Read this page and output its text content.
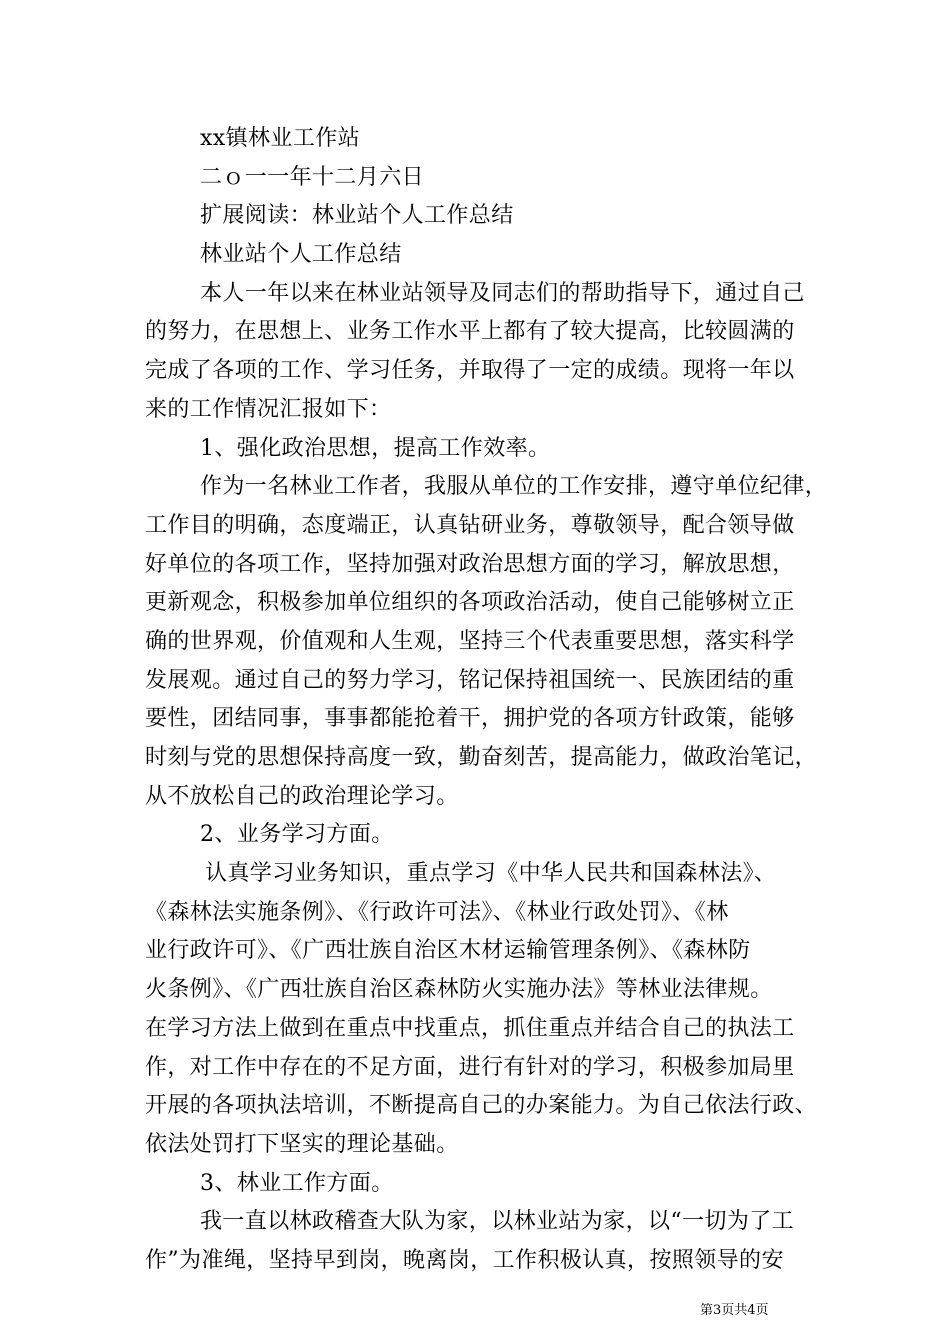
xx镇林业工作站
二ｏ一一年十二月六日
扩展阅读：林业站个人工作总结
林业站个人工作总结
本人一年以来在林业站领导及同志们的帮助指导下，通过自己
的努力，在思想上、业务工作水平上都有了较大提高，比较圆满的
完成了各项的工作、学习任务，并取得了一定的成绩。现将一年以
来的工作情况汇报如下：
1、强化政治思想，提高工作效率。
作为一名林业工作者，我服从单位的工作安排，遵守单位纪律，
工作目的明确，态度端正，认真钻研业务，尊敬领导，配合领导做
好单位的各项工作，坚持加强对政治思想方面的学习，解放思想，
更新观念，积极参加单位组织的各项政治活动，使自己能够树立正
确的世界观，价值观和人生观，坚持三个代表重要思想，落实科学
发展观。通过自己的努力学习，铭记保持祖国统一、民族团结的重
要性，团结同事，事事都能抢着干，拥护党的各项方针政策，能够
时刻与党的思想保持高度一致，勤奋刻苦，提高能力，做政治笔记，
从不放松自己的政治理论学习。
2、业务学习方面。
认真学习业务知识，重点学习《中华人民共和国森林法》、
《森林法实施条例》、《行政许可法》、《林业行政处罚》、《林
业行政许可》、《广西壮族自治区木材运输管理条例》、《森林防
火条例》、《广西壮族自治区森林防火实施办法》等林业法律规。
在学习方法上做到在重点中找重点，抓住重点并结合自己的执法工
作，对工作中存在的不足方面，进行有针对的学习，积极参加局里
开展的各项执法培训，不断提高自己的办案能力。为自己依法行政、
依法处罚打下坚实的理论基础。
3、林业工作方面。
我一直以林政稽查大队为家，以林业站为家，以“一切为了工
作”为准绳，坚持早到岗，晚离岗，工作积极认真，按照领导的安
第3页共4页
